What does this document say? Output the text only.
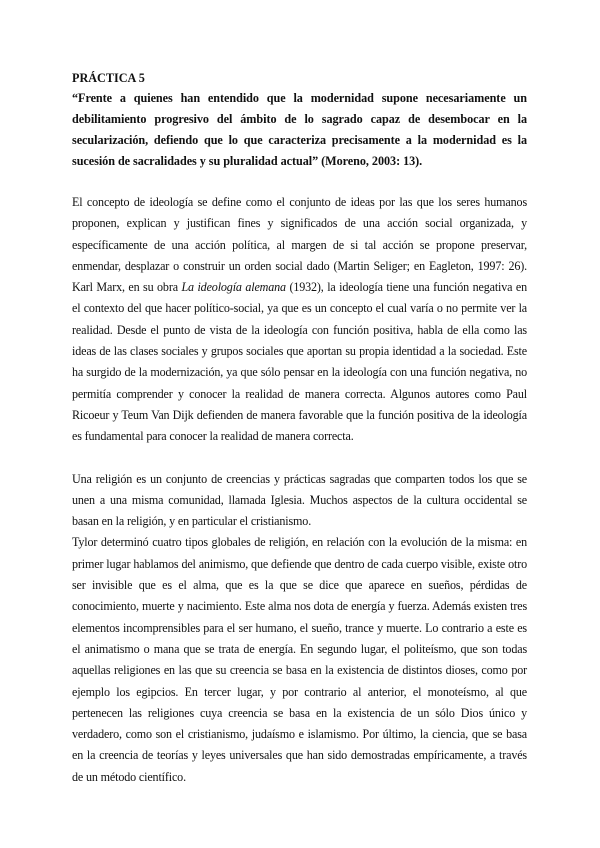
PRÁCTICA 5

“Frente a quienes han entendido que la modernidad supone necesariamente un debilitamiento progresivo del ámbito de lo sagrado capaz de desembocar en la secularización, defiendo que lo que caracteriza precisamente a la modernidad es la sucesión de sacralidades y su pluralidad actual” (Moreno, 2003: 13).

El concepto de ideología se define como el conjunto de ideas por las que los seres humanos proponen, explican y justifican fines y significados de una acción social organizada, y específicamente de una acción política, al margen de si tal acción se propone preservar, enmendar, desplazar o construir un orden social dado (Martin Seliger; en Eagleton, 1997: 26). Karl Marx, en su obra La ideología alemana (1932), la ideología tiene una función negativa en el contexto del que hacer político-social, ya que es un concepto el cual varía o no permite ver la realidad. Desde el punto de vista de la ideología con función positiva, habla de ella como las ideas de las clases sociales y grupos sociales que aportan su propia identidad a la sociedad. Este ha surgido de la modernización, ya que sólo pensar en la ideología con una función negativa, no permitía comprender y conocer la realidad de manera correcta. Algunos autores como Paul Ricoeur y Teum Van Dijk defienden de manera favorable que la función positiva de la ideología es fundamental para conocer la realidad de manera correcta.

Una religión es un conjunto de creencias y prácticas sagradas que comparten todos los que se unen a una misma comunidad, llamada Iglesia. Muchos aspectos de la cultura occidental se basan en la religión, y en particular el cristianismo.

Tylor determinó cuatro tipos globales de religión, en relación con la evolución de la misma: en primer lugar hablamos del animismo, que defiende que dentro de cada cuerpo visible, existe otro ser invisible que es el alma, que es la que se dice que aparece en sueños, pérdidas de conocimiento, muerte y nacimiento. Este alma nos dota de energía y fuerza. Además existen tres elementos incomprensibles para el ser humano, el sueño, trance y muerte. Lo contrario a este es el animatismo o mana que se trata de energía. En segundo lugar, el politeísmo, que son todas aquellas religiones en las que su creencia se basa en la existencia de distintos dioses, como por ejemplo los egipcios. En tercer lugar, y por contrario al anterior, el monoteísmo, al que pertenecen las religiones cuya creencia se basa en la existencia de un sólo Dios único y verdadero, como son el cristianismo, judaísmo e islamismo. Por último, la ciencia, que se basa en la creencia de teorías y leyes universales que han sido demostradas empíricamente, a través de un método científico.
